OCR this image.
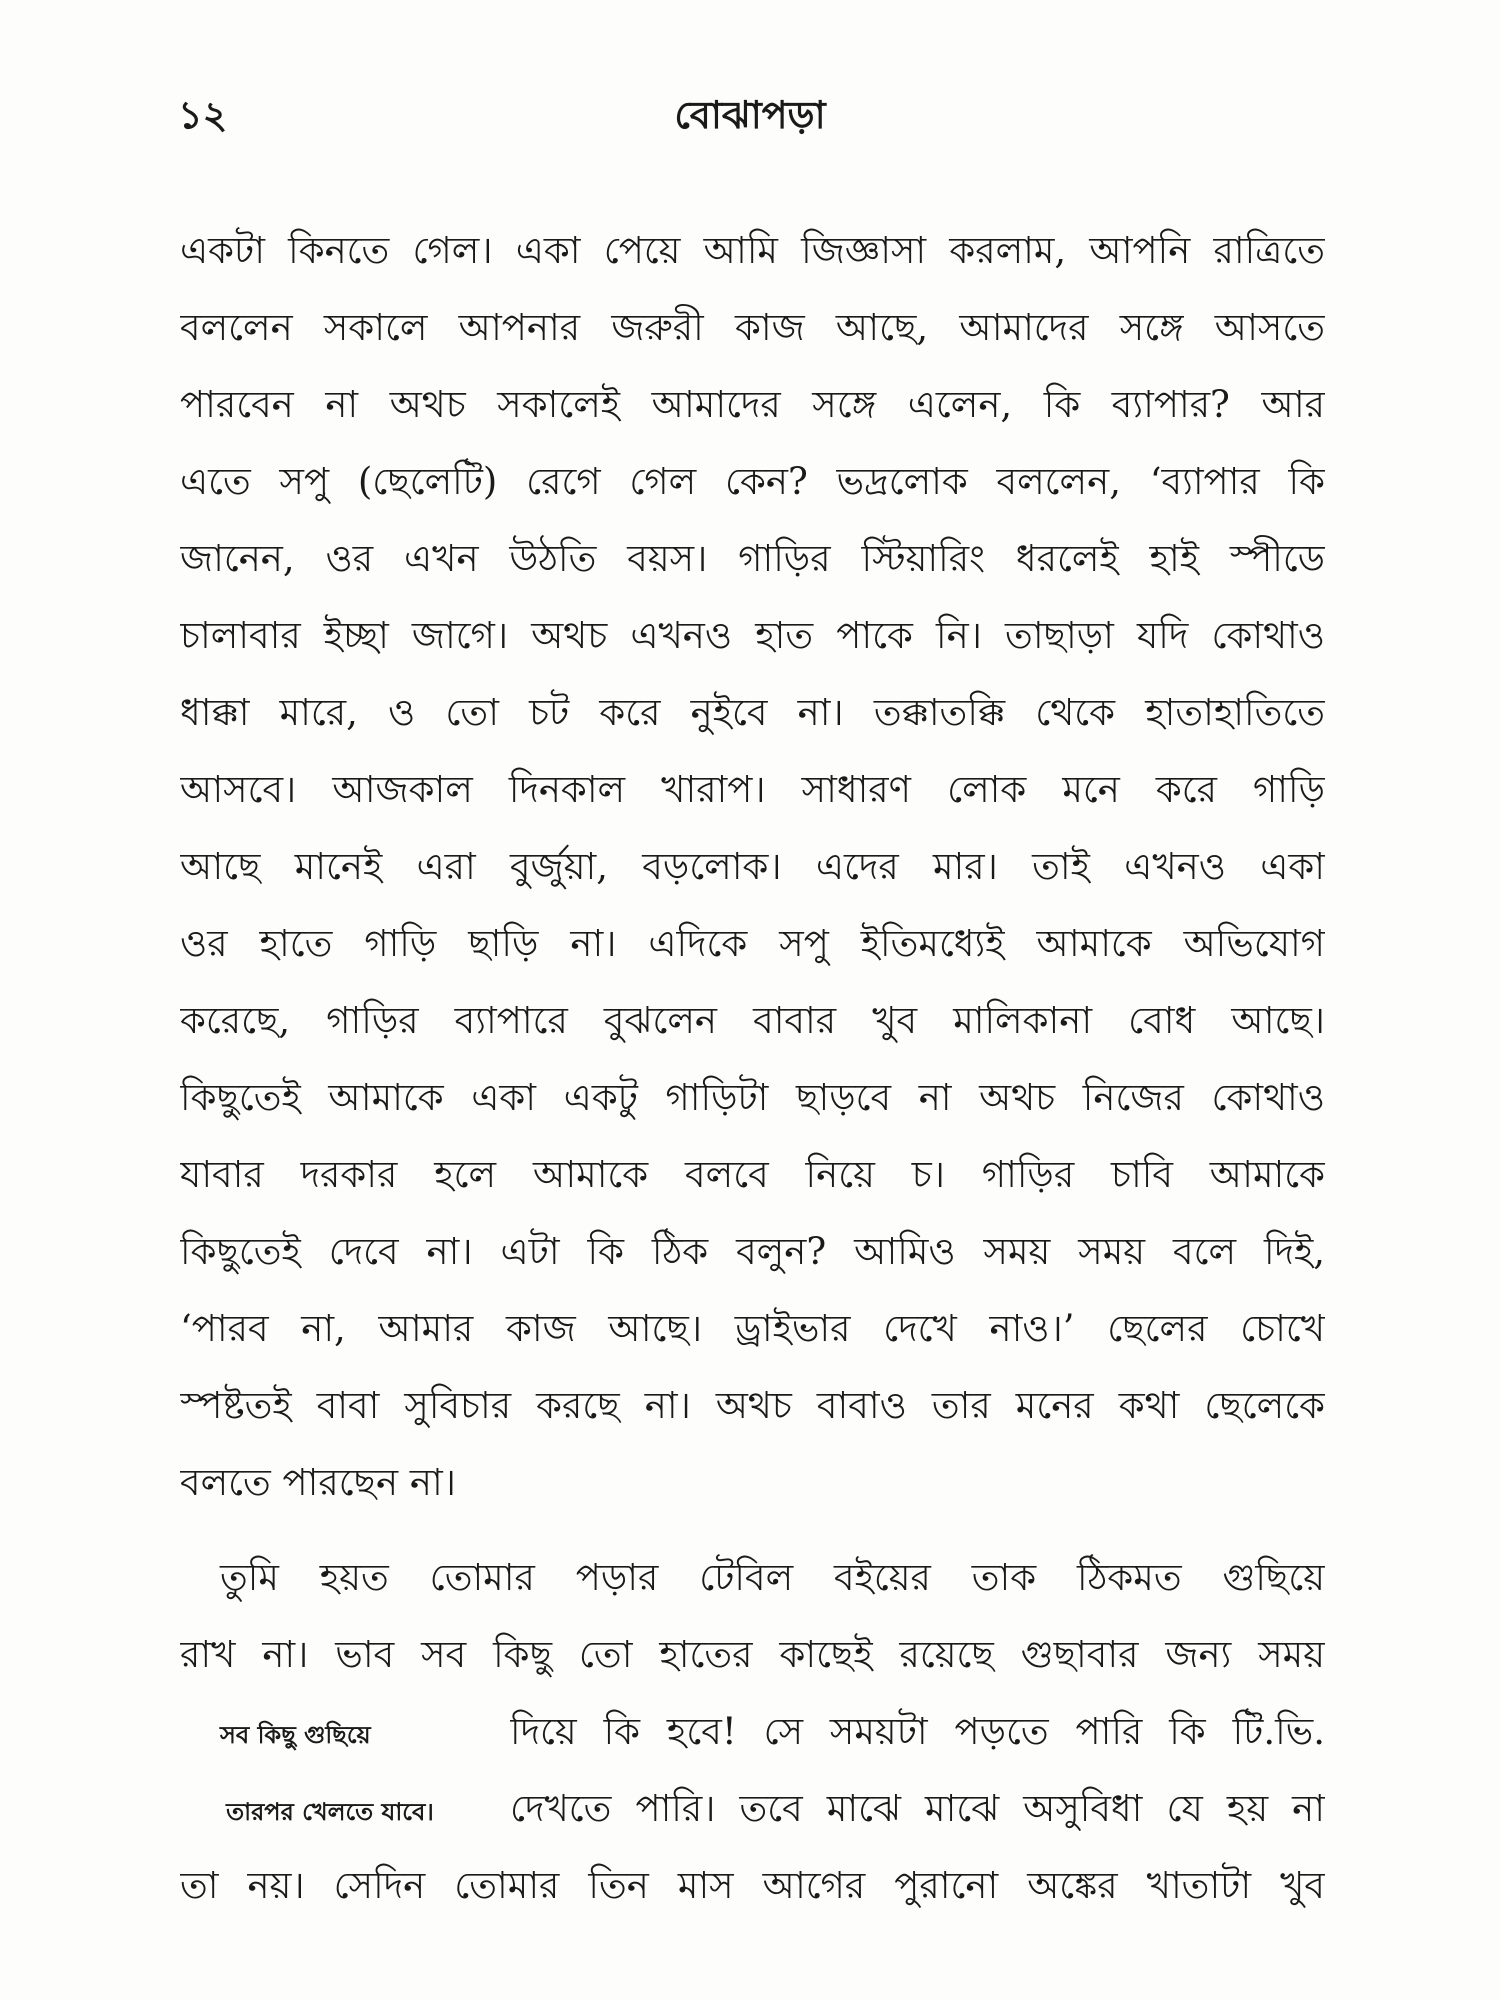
১২	বোঝাপড়া
একটা কিনতে গেল। একা পেয়ে আমি জিজ্ঞাসা করলাম, আপনি রাত্রিতে
বললেন সকালে আপনার জরুরী কাজ আছে, আমাদের সঙ্গে আসতে
পারবেন না অথচ সকালেই আমাদের সঙ্গে এলেন, কি ব্যাপার? আর
এতে সপু (ছেলেটি) রেগে গেল কেন? ভদ্রলোক বললেন, ‘ব্যাপার কি
জানেন, ওর এখন উঠতি বয়স। গাড়ির স্টিয়ারিং ধরলেই হাই স্পীডে
চালাবার ইচ্ছা জাগে। অথচ এখনও হাত পাকে নি। তাছাড়া যদি কোথাও
ধাক্কা মারে, ও তো চট করে নুইবে না। তক্কাতক্কি থেকে হাতাহাতিতে
আসবে। আজকাল দিনকাল খারাপ। সাধারণ লোক মনে করে গাড়ি
আছে মানেই এরা বুর্জুয়া, বড়লোক। এদের মার। তাই এখনও একা
ওর হাতে গাড়ি ছাড়ি না। এদিকে সপু ইতিমধ্যেই আমাকে অভিযোগ
করেছে, গাড়ির ব্যাপারে বুঝলেন বাবার খুব মালিকানা বোধ আছে।
কিছুতেই আমাকে একা একটু গাড়িটা ছাড়বে না অথচ নিজের কোথাও
যাবার দরকার হলে আমাকে বলবে নিয়ে চ। গাড়ির চাবি আমাকে
কিছুতেই দেবে না। এটা কি ঠিক বলুন? আমিও সময় সময় বলে দিই,
‘পারব না, আমার কাজ আছে। ড্রাইভার দেখে নাও।’ ছেলের চোখে
স্পষ্টতই বাবা সুবিচার করছে না। অথচ বাবাও তার মনের কথা ছেলেকে
বলতে পারছেন না।
তুমি হয়ত তোমার পড়ার টেবিল বইয়ের তাক ঠিকমত গুছিয়ে
রাখ না। ভাব সব কিছু তো হাতের কাছেই রয়েছে গুছাবার জন্য সময়
সব কিছু গুছিয়ে
তারপর খেলতে যাবে।
দিয়ে কি হবে! সে সময়টা পড়তে পারি কি টি.ভি.
দেখতে পারি। তবে মাঝে মাঝে অসুবিধা যে হয় না
তা নয়। সেদিন তোমার তিন মাস আগের পুরানো অঙ্কের খাতাটা খুব
